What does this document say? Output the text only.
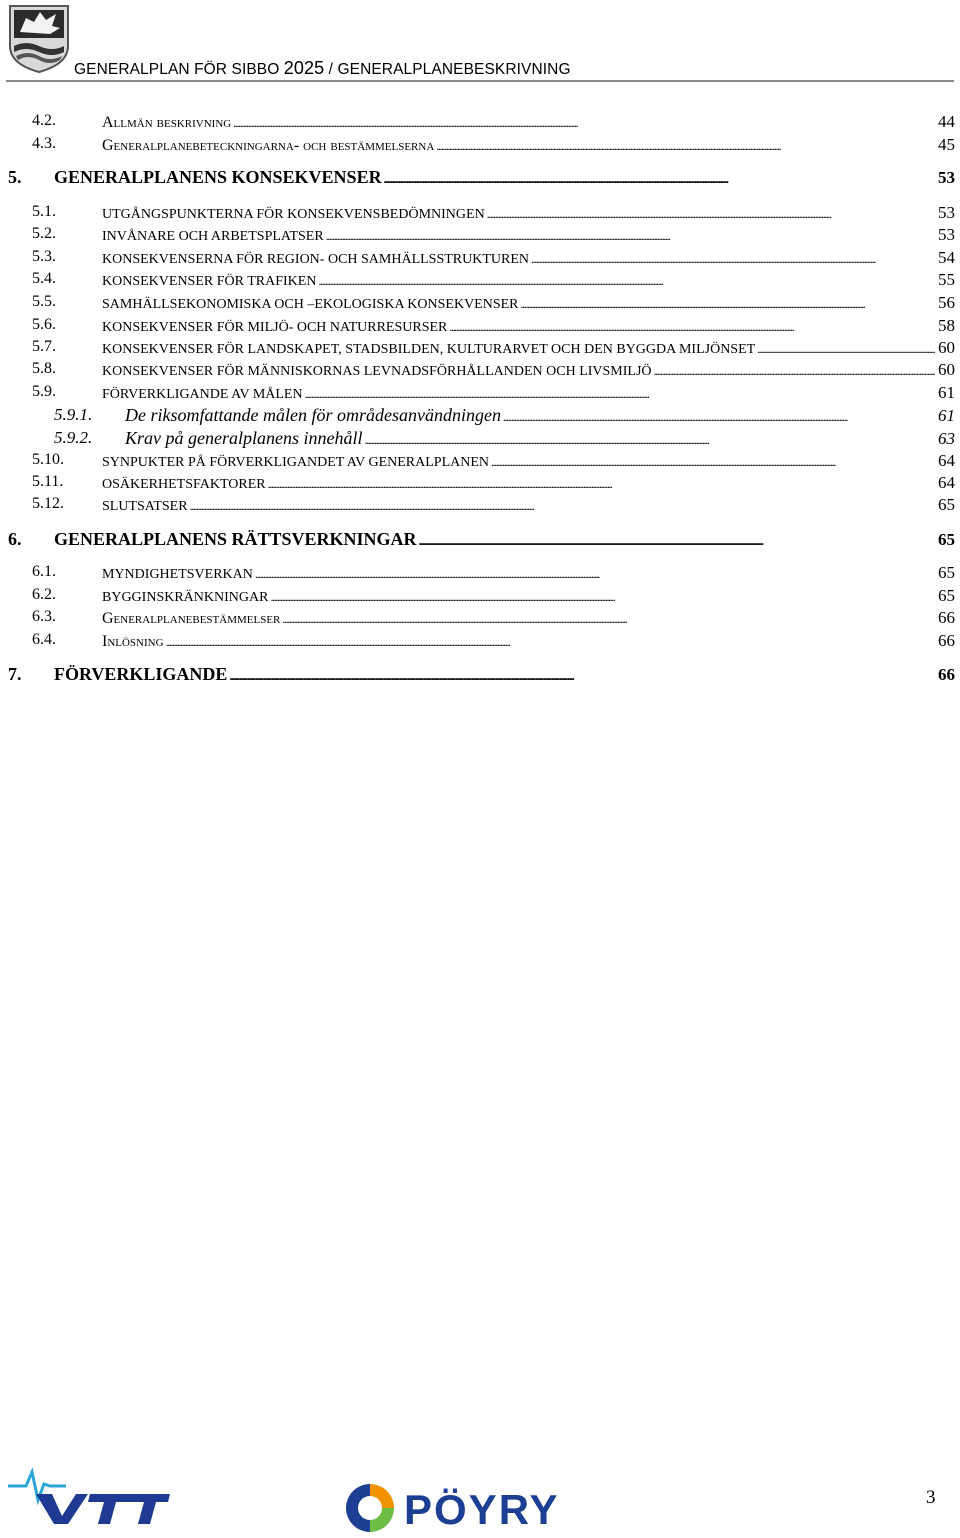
GENERALPLAN FÖR SIBBO 2025 / GENERALPLANEBESKRIVNING
4.2.	Allmän beskrivning . . .	44
4.3.	Generalplanebeteckningarna- och bestämmelserna . . .	45
5. GENERALPLANENS KONSEKVENSER . . .	53
5.1.	UTGÅNGSPUNKTERNA FÖR KONSEKVENSBEDÖMNINGEN . . .	53
5.2.	INVÅNARE OCH ARBETSPLATSER . . .	53
5.3.	KONSEKVENSERNA FÖR REGION- OCH SAMHÄLLSSTRUKTUREN . . .	54
5.4.	KONSEKVENSER FÖR TRAFIKEN . . .	55
5.5.	SAMHÄLLSEKONOMISKA OCH –EKOLOGISKA KONSEKVENSER . . .	56
5.6.	KONSEKVENSER FÖR MILJÖ- OCH NATURRESURSER . . .	58
5.7.	KONSEKVENSER FÖR LANDSKAPET, STADSBILDEN, KULTURARVET OCH DEN BYGGDA MILJÖNSET . . .	60
5.8.	KONSEKVENSER FÖR MÄNNISKORNAS LEVNADSFÖRHÅLLANDEN OCH LIVSMILJÖ . . .	60
5.9.	FÖRVERKLIGANDE AV MÅLEN . . .	61
5.9.1. De riksomfattande målen för områdesanvändningen . . .	61
5.9.2. Krav på generalplanens innehåll . . .	63
5.10.	SYNPUKTER PÅ FÖRVERKLIGANDET AV GENERALPLANEN . . .	64
5.11.	OSÄKERHETSFAKTORER . . .	64
5.12.	SLUTSATSER . . .	65
6. GENERALPLANENS RÄTTSVERKNINGAR . . .	65
6.1.	MYNDIGHETSVERKAN . . .	65
6.2.	BYGGINSKRÄNKNINGAR . . .	65
6.3.	Generalplanebestämmelser . . .	66
6.4.	Inlösning . . .	66
7. FÖRVERKLIGANDE . . .	66
PÖYRY	3
